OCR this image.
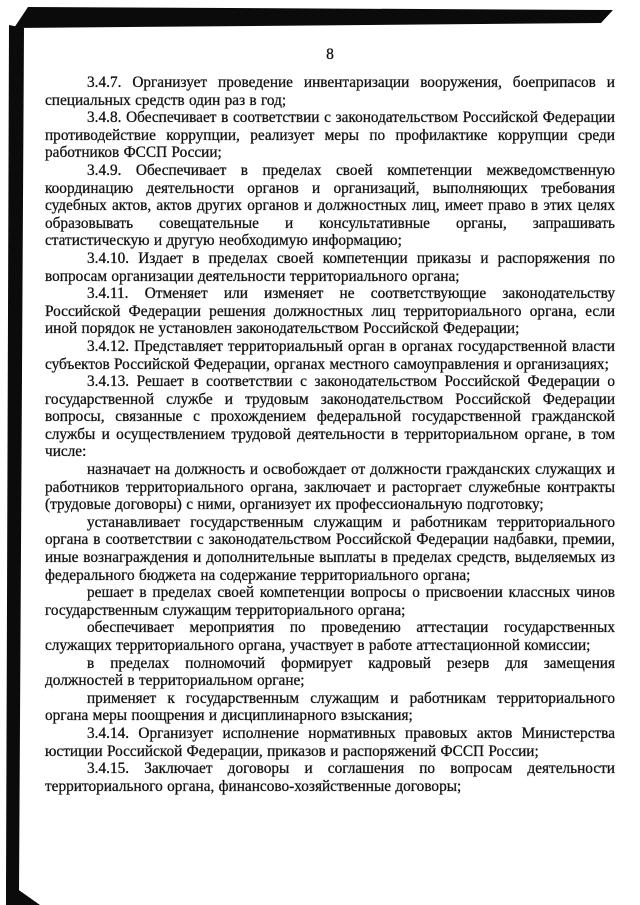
8

3.4.7. Организует проведение инвентаризации вооружения, боеприпасов и специальных средств один раз в год;

3.4.8. Обеспечивает в соответствии с законодательством Российской Федерации противодействие коррупции, реализует меры по профилактике коррупции среди работников ФССП России;

3.4.9. Обеспечивает в пределах своей компетенции межведомственную координацию деятельности органов и организаций, выполняющих требования судебных актов, актов других органов и должностных лиц, имеет право в этих целях образовывать совещательные и консультативные органы, запрашивать статистическую и другую необходимую информацию;

3.4.10. Издает в пределах своей компетенции приказы и распоряжения по вопросам организации деятельности территориального органа;

3.4.11. Отменяет или изменяет не соответствующие законодательству Российской Федерации решения должностных лиц территориального органа, если иной порядок не установлен законодательством Российской Федерации;

3.4.12. Представляет территориальный орган в органах государственной власти субъектов Российской Федерации, органах местного самоуправления и организациях;

3.4.13. Решает в соответствии с законодательством Российской Федерации о государственной службе и трудовым законодательством Российской Федерации вопросы, связанные с прохождением федеральной государственной гражданской службы и осуществлением трудовой деятельности в территориальном органе, в том числе:

назначает на должность и освобождает от должности гражданских служащих и работников территориального органа, заключает и расторгает служебные контракты (трудовые договоры) с ними, организует их профессиональную подготовку;

устанавливает государственным служащим и работникам территориального органа в соответствии с законодательством Российской Федерации надбавки, премии, иные вознаграждения и дополнительные выплаты в пределах средств, выделяемых из федерального бюджета на содержание территориального органа;

решает в пределах своей компетенции вопросы о присвоении классных чинов государственным служащим территориального органа;

обеспечивает мероприятия по проведению аттестации государственных служащих территориального органа, участвует в работе аттестационной комиссии;

в пределах полномочий формирует кадровый резерв для замещения должностей в территориальном органе;

применяет к государственным служащим и работникам территориального органа меры поощрения и дисциплинарного взыскания;

3.4.14. Организует исполнение нормативных правовых актов Министерства юстиции Российской Федерации, приказов и распоряжений ФССП России;

3.4.15. Заключает договоры и соглашения по вопросам деятельности территориального органа, финансово-хозяйственные договоры;
